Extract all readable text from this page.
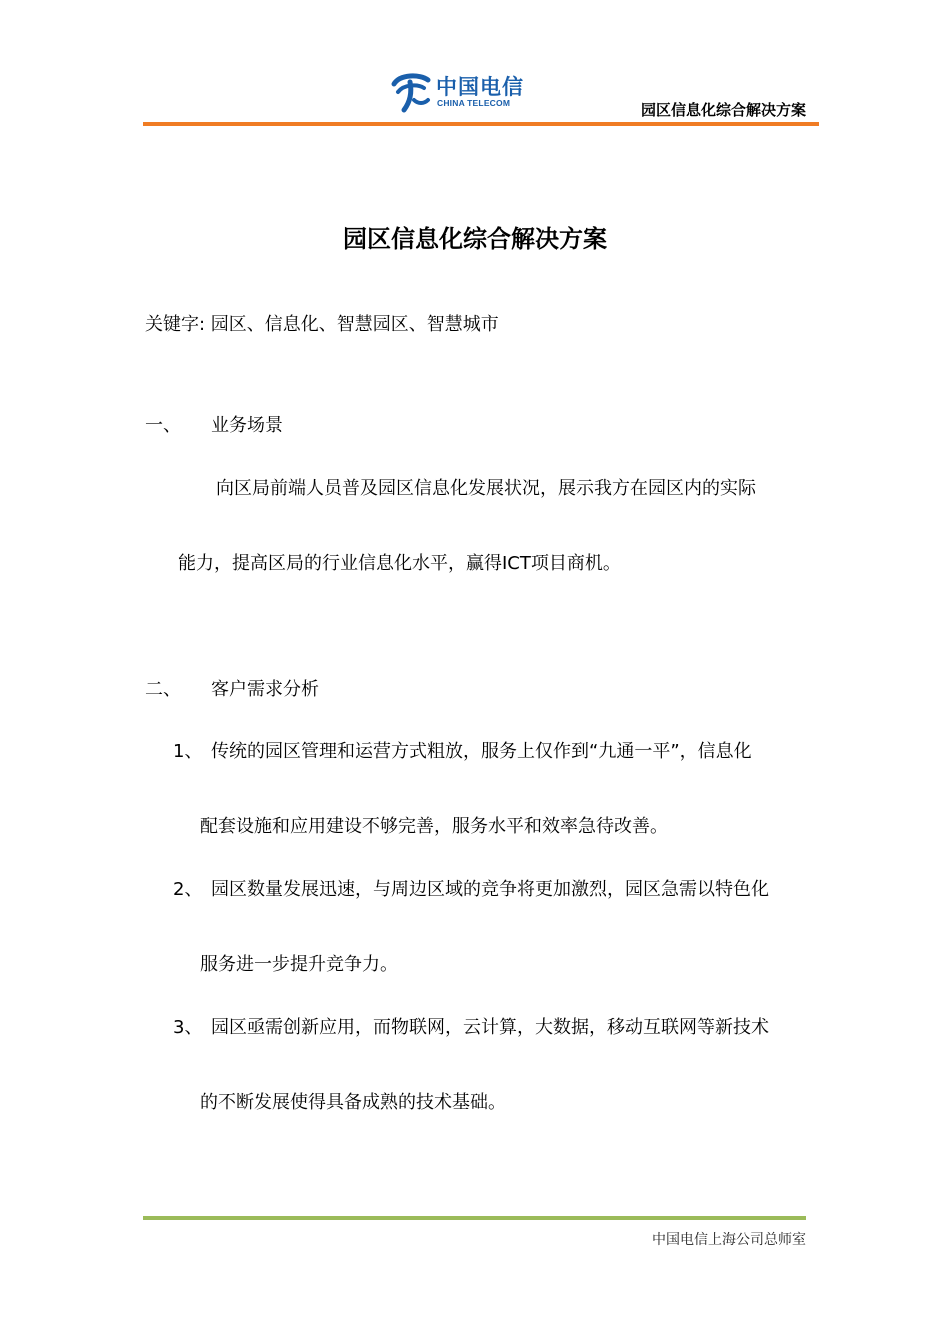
中国电信
CHINA TELECOM	园区信息化综合解决方案
园区信息化综合解决方案
关键字: 园区、信息化、智慧园区、智慧城市
一、 业务场景
向区局前端人员普及园区信息化发展状况，展示我方在园区内的实际
能力，提高区局的行业信息化水平，赢得ICT项目商机。
二、 客户需求分析
1、 传统的园区管理和运营方式粗放，服务上仅作到“九通一平”，信息化
配套设施和应用建设不够完善，服务水平和效率急待改善。
2、 园区数量发展迅速，与周边区域的竞争将更加激烈，园区急需以特色化
服务进一步提升竞争力。
3、 园区亟需创新应用，而物联网，云计算，大数据，移动互联网等新技术
的不断发展使得具备成熟的技术基础。
中国电信上海公司总师室
